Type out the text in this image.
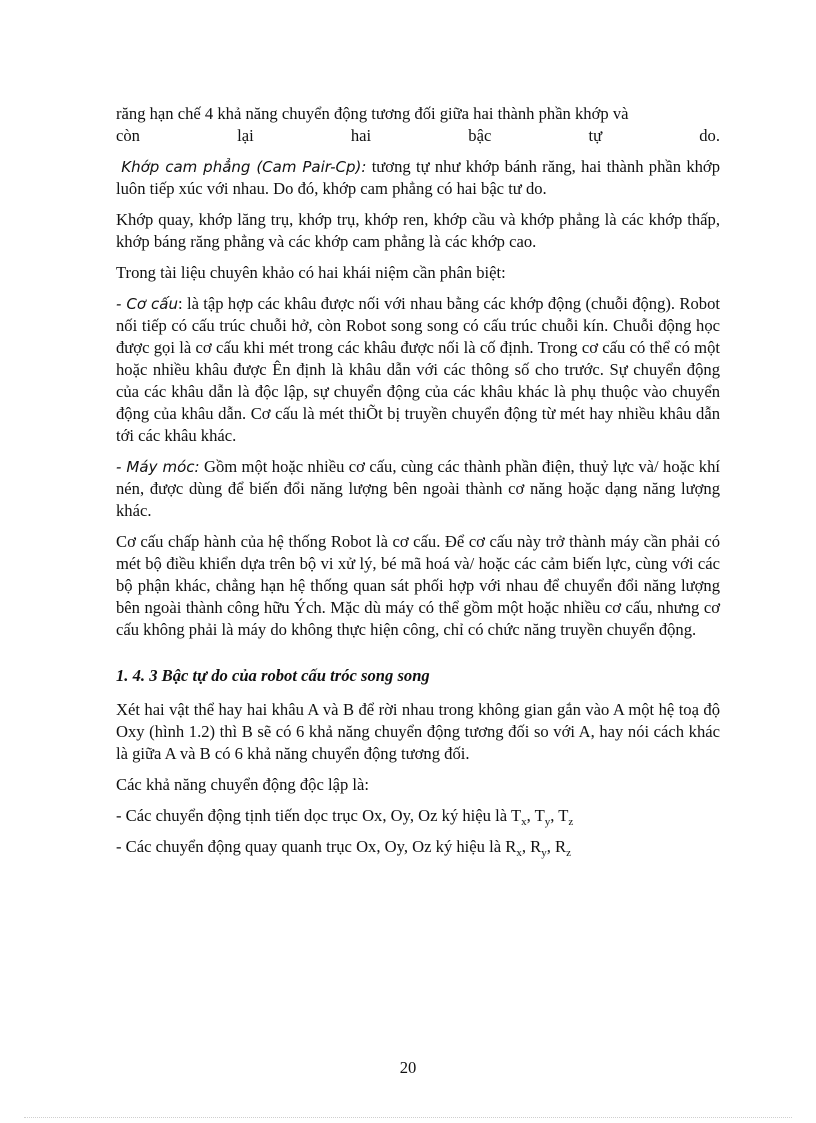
răng hạn chế 4 khả năng chuyển động tương đối giữa hai thành phần khớp và

còn lại hai bậc tự do.

Khớp cam phẳng (Cam Pair-Cp): tương tự như khớp bánh răng, hai thành phần khớp luôn tiếp xúc với nhau. Do đó, khớp cam phẳng có hai bậc tư do.

Khớp quay, khớp lăng trụ, khớp trụ, khớp ren, khớp cầu và khớp phẳng là các khớp thấp, khớp báng răng phẳng và các khớp cam phẳng là các khớp cao.

Trong tài liệu chuyên khảo có hai khái niệm cần phân biệt:

- Cơ cấu: là tập hợp các khâu được nối với nhau bằng các khớp động (chuỗi động). Robot nối tiếp có cấu trúc chuỗi hở, còn Robot song song có cấu trúc chuỗi kín. Chuỗi động học được gọi là cơ cấu khi mét trong các khâu được nối là cố định. Trong cơ cấu có thể có một hoặc nhiều khâu được Ên định là khâu dẫn với các thông số cho trước. Sự chuyển động của các khâu dẫn là độc lập, sự chuyển động của các khâu khác là phụ thuộc vào chuyển động của khâu dẫn. Cơ cấu là mét thiÕt bị truyền chuyển động từ mét hay nhiều khâu dẫn tới các khâu khác.

- Máy móc: Gồm một hoặc nhiều cơ cấu, cùng các thành phần điện, thuỷ lực và/ hoặc khí nén, được dùng để biến đổi năng lượng bên ngoài thành cơ năng hoặc dạng năng lượng khác.

Cơ cấu chấp hành của hệ thống Robot là cơ cấu. Để cơ cấu này trở thành máy cần phải có mét bộ điều khiển dựa trên bộ vi xử lý, bé mã hoá và/ hoặc các cảm biến lực, cùng với các bộ phận khác, chẳng hạn hệ thống quan sát phối hợp với nhau để chuyển đổi năng lượng bên ngoài thành công hữu Ých. Mặc dù máy có thể gồm một hoặc nhiều cơ cấu, nhưng cơ cấu không phải là máy do không thực hiện công, chỉ có chức năng truyền chuyển động.

1. 4. 3 Bậc tự do của robot cấu tróc song song

Xét hai vật thể hay hai khâu A và B để rời nhau trong không gian gắn vào A một hệ toạ độ Oxy (hình 1.2) thì B sẽ có 6 khả năng chuyển động tương đối so với A, hay nói cách khác là giữa A và B có 6 khả năng chuyển động tương đối.

Các khả năng chuyển động độc lập là:

- Các chuyển động tịnh tiến dọc trục Ox, Oy, Oz ký hiệu là $T_x$, $T_y$, $T_z$

- Các chuyển động quay quanh trục Ox, Oy, Oz ký hiệu là $R_x$, $R_y$, $R_z$

20
